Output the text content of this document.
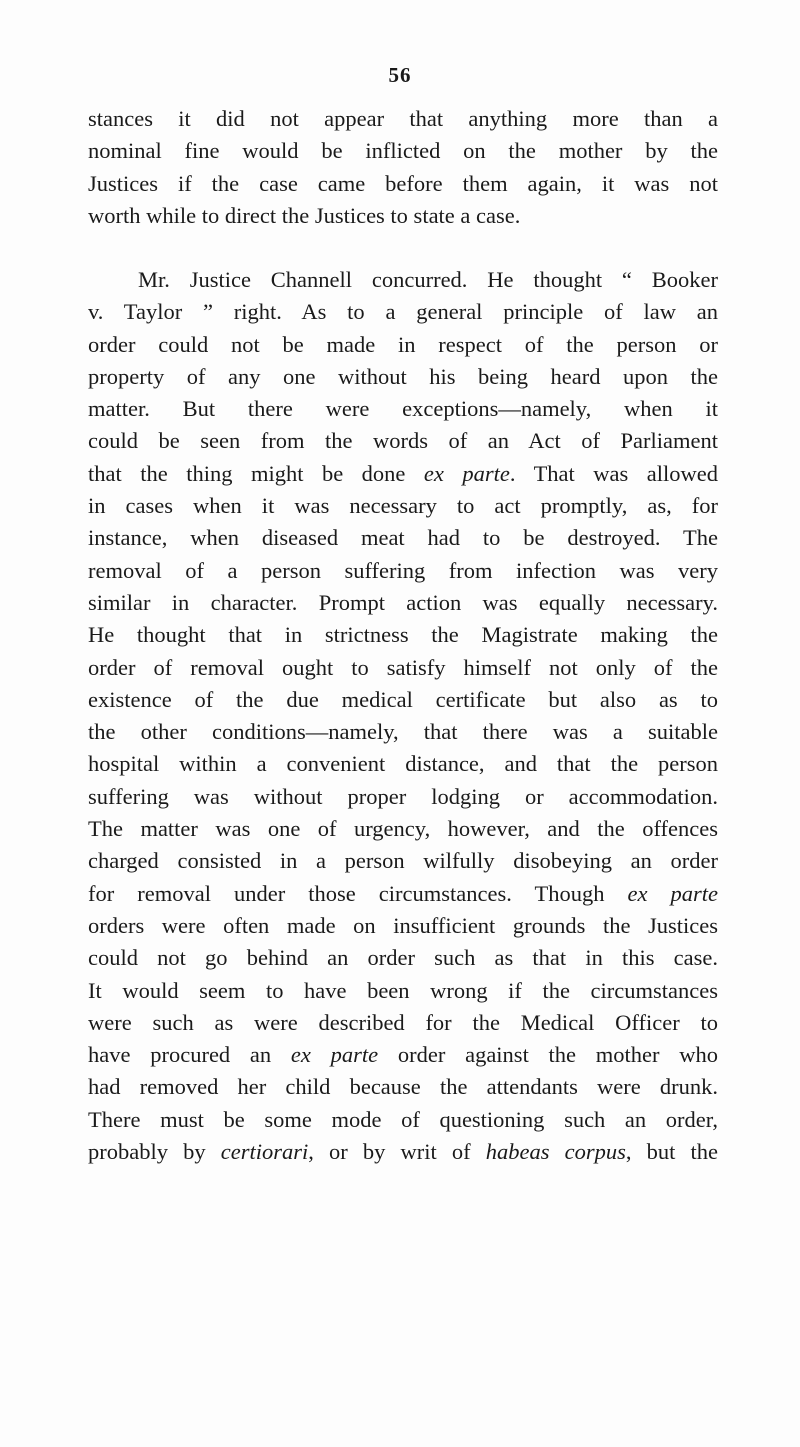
56
stances it did not appear that anything more than a
nominal fine would be inflicted on the mother by the
Justices if the case came before them again, it was not
worth while to direct the Justices to state a case.
Mr. Justice Channell concurred. He thought “ Booker
v. Taylor ” right. As to a general principle of law an
order could not be made in respect of the person or
property of any one without his being heard upon the
matter. But there were exceptions—namely, when it
could be seen from the words of an Act of Parliament
that the thing might be done ex parte. That was allowed
in cases when it was necessary to act promptly, as, for
instance, when diseased meat had to be destroyed. The
removal of a person suffering from infection was very
similar in character. Prompt action was equally necessary.
He thought that in strictness the Magistrate making the
order of removal ought to satisfy himself not only of the
existence of the due medical certificate but also as to
the other conditions—namely, that there was a suitable
hospital within a convenient distance, and that the person
suffering was without proper lodging or accommodation.
The matter was one of urgency, however, and the offences
charged consisted in a person wilfully disobeying an order
for removal under those circumstances. Though ex parte
orders were often made on insufficient grounds the Justices
could not go behind an order such as that in this case.
It would seem to have been wrong if the circumstances
were such as were described for the Medical Officer to
have procured an ex parte order against the mother who
had removed her child because the attendants were drunk.
There must be some mode of questioning such an order,
probably by certiorari, or by writ of habeas corpus, but the
